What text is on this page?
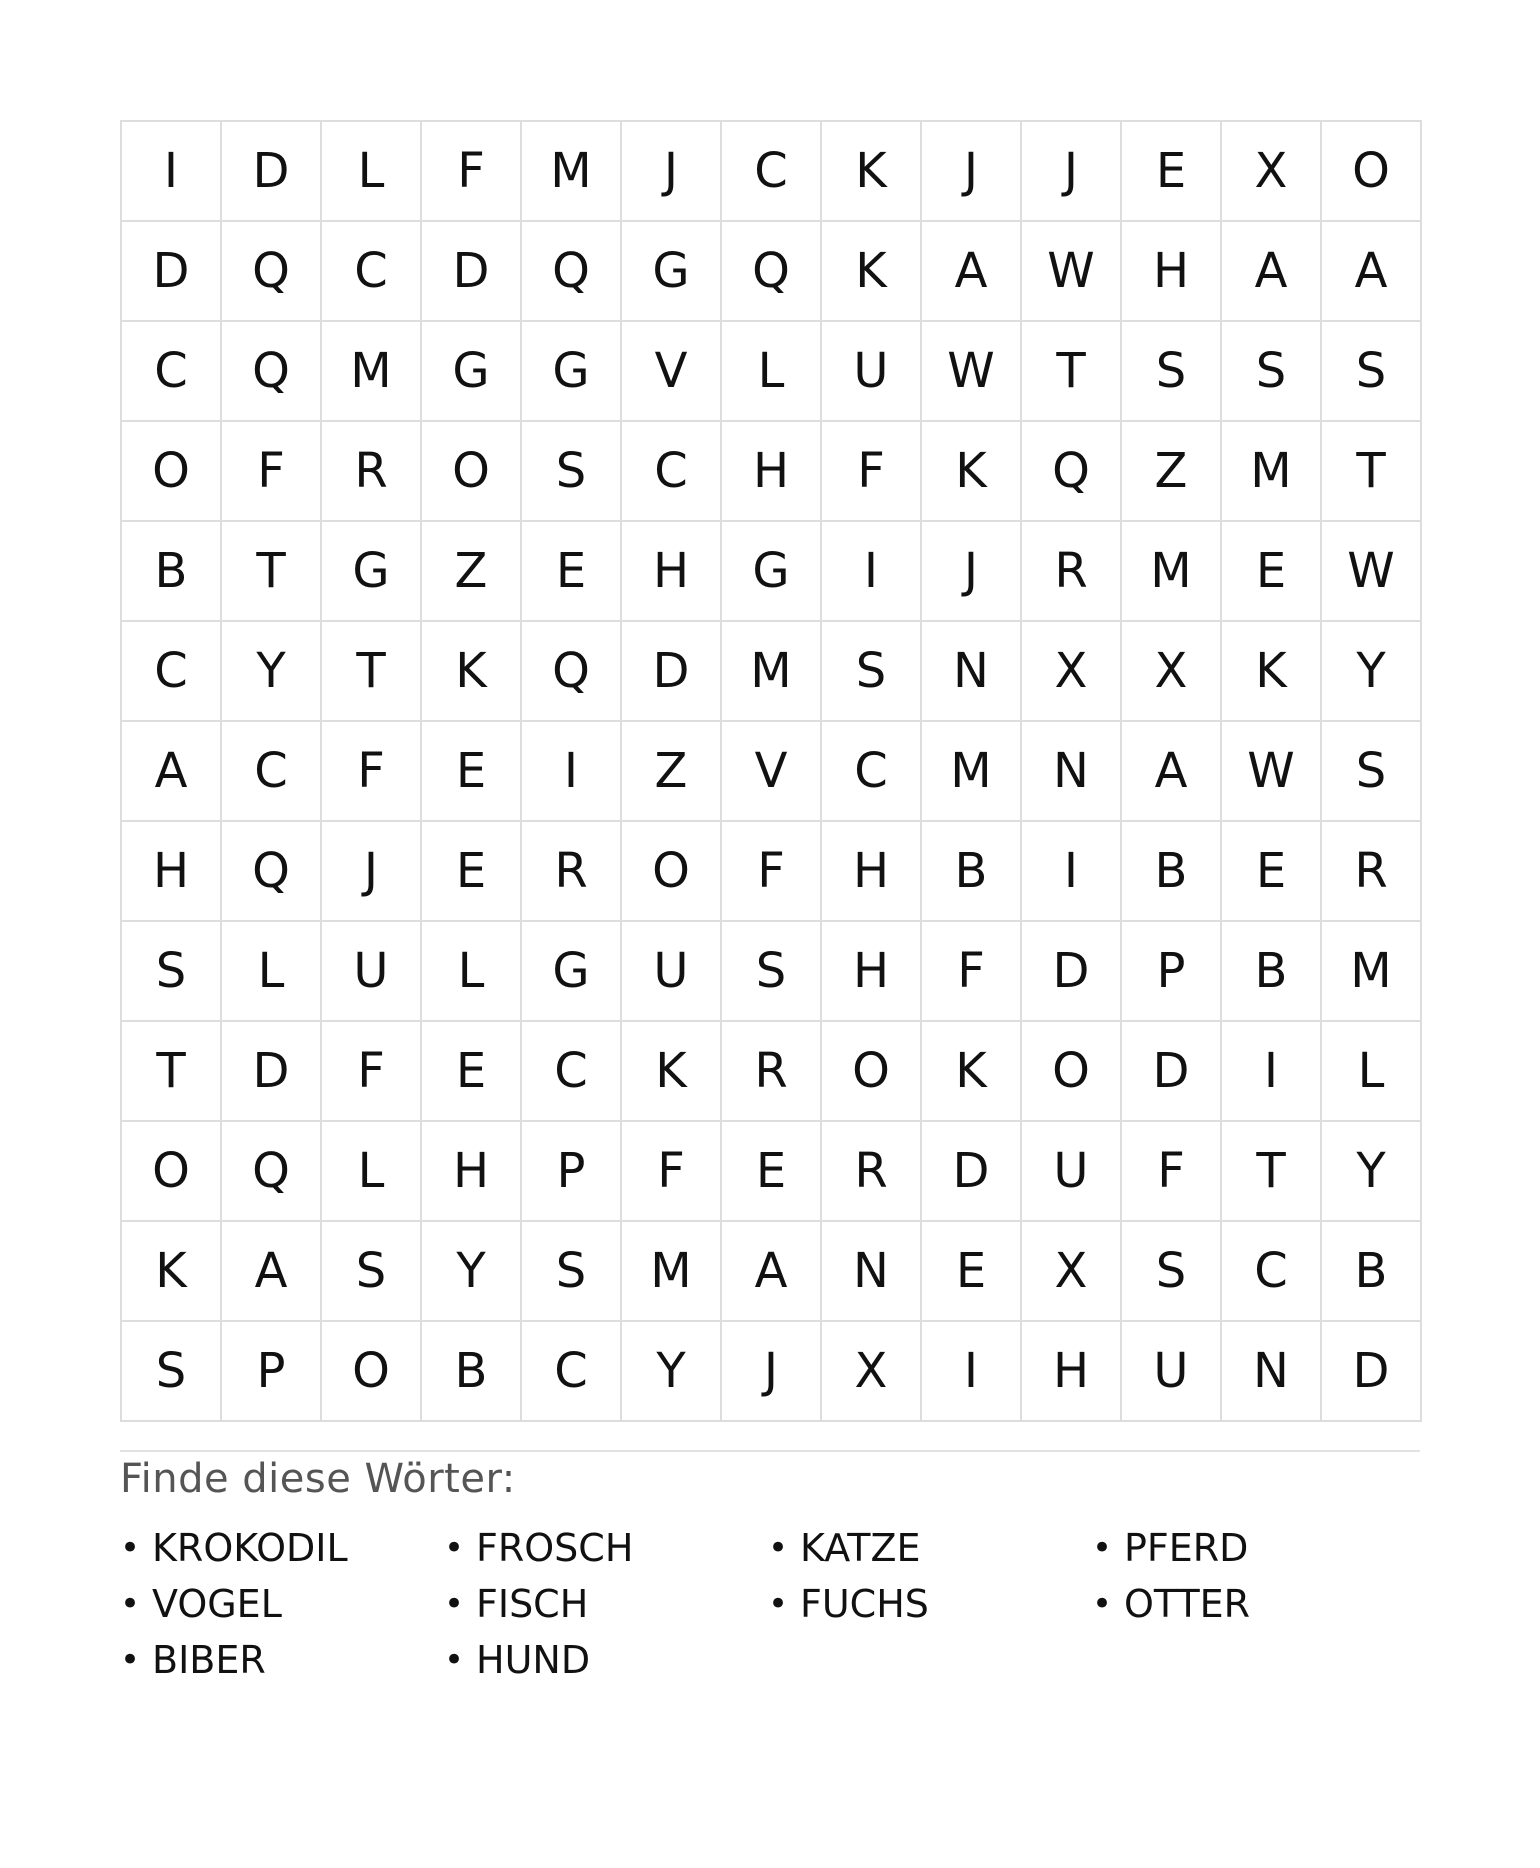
I	D	L	F	M	J	C	K	J	J	E	X	O
D	Q	C	D	Q	G	Q	K	A	W	H	A	A
C	Q	M	G	G	V	L	U	W	T	S	S	S
O	F	R	O	S	C	H	F	K	Q	Z	M	T
B	T	G	Z	E	H	G	I	J	R	M	E	W
C	Y	T	K	Q	D	M	S	N	X	X	K	Y
A	C	F	E	I	Z	V	C	M	N	A	W	S
H	Q	J	E	R	O	F	H	B	I	B	E	R
S	L	U	L	G	U	S	H	F	D	P	B	M
T	D	F	E	C	K	R	O	K	O	D	I	L
O	Q	L	H	P	F	E	R	D	U	F	T	Y
K	A	S	Y	S	M	A	N	E	X	S	C	B
S	P	O	B	C	Y	J	X	I	H	U	N	D
Finde diese Wörter:
• KROKODIL	• FROSCH	• KATZE	• PFERD
• VOGEL	• FISCH	• FUCHS	• OTTER
• BIBER	• HUND
